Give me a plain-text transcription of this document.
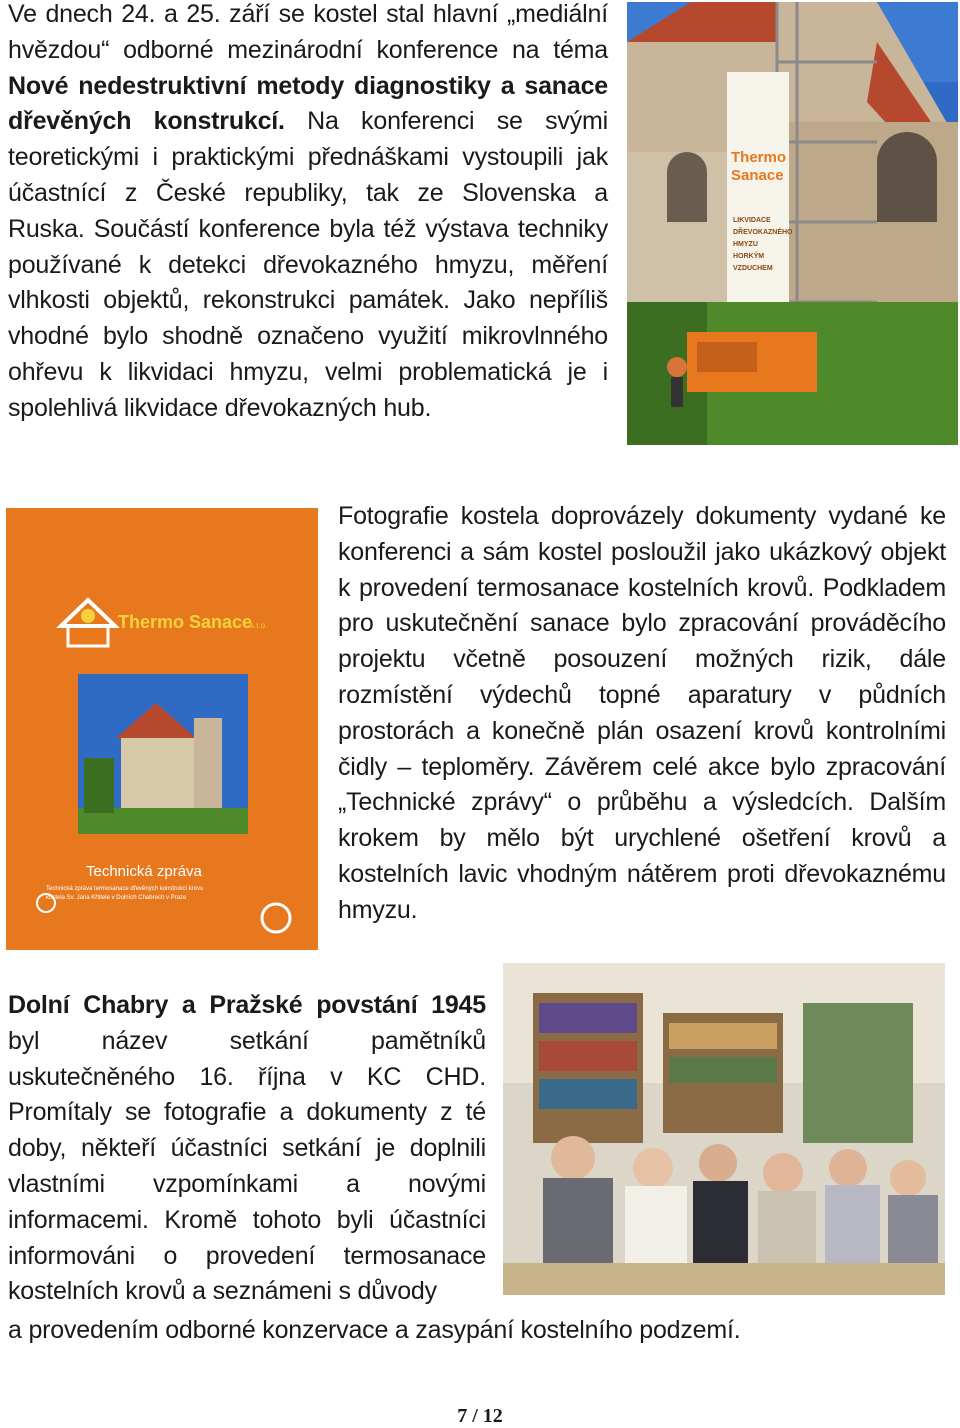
Ve dnech 24. a 25. září se kostel stal hlavní „mediální hvězdou“ odborné mezinárodní konference na téma Nové nedestruktivní metody diagnostiky a sanace dřevěných konstrukcí. Na konferenci se svými teoretickými i praktickými přednáškami vystoupili jak účastnící z České republiky, tak ze Slovenska a Ruska. Součástí konference byla též výstava techniky používané k detekci dřevokazného hmyzu, měření vlhkosti objektů, rekonstrukci památek. Jako nepříliš vhodné bylo shodně označeno využití mikrovlnného ohřevu k likvidaci hmyzu, velmi problematická je i spolehlivá likvidace dřevokazných hub.

Thermo
Sanace
LIKVIDACE
DŘEVOKAZNÉHO
HMYZU
HORKÝM
VZDUCHEM
Thermo Sanace
s.r.o.
Technická zpráva
Technická zpráva termosanace dřevěných konstrukcí krovu
kostela Sv. Jana Křtitele v Dolních Chabrech v Praze

Fotografie kostela doprovázely dokumenty vydané ke konferenci a sám kostel posloužil jako ukázkový objekt k provedení termosanace kostelních krovů. Podkladem pro uskutečnění sanace bylo zpracování prováděcího projektu včetně posouzení možných rizik, dále rozmístění výdechů topné aparatury v půdních prostorách a konečně plán osazení krovů kontrolními čidly – teploměry. Závěrem celé akce bylo zpracování „Technické zprávy“ o průběhu a výsledcích. Dalším krokem by mělo být urychlené ošetření krovů a kostelních lavic vhodným nátěrem proti dřevokaznému hmyzu.

Dolní Chabry a Pražské povstání 1945 byl název setkání pamětníků uskutečněného 16. října v KC CHD. Promítaly se fotografie a dokumenty z té doby, někteří účastníci setkání je doplnili vlastními vzpomínkami a novými informacemi. Kromě tohoto byli účastníci informováni o provedení termosanace kostelních krovů a seznámeni s důvody

a provedením odborné konzervace a zasypání kostelního podzemí.

7 / 12
